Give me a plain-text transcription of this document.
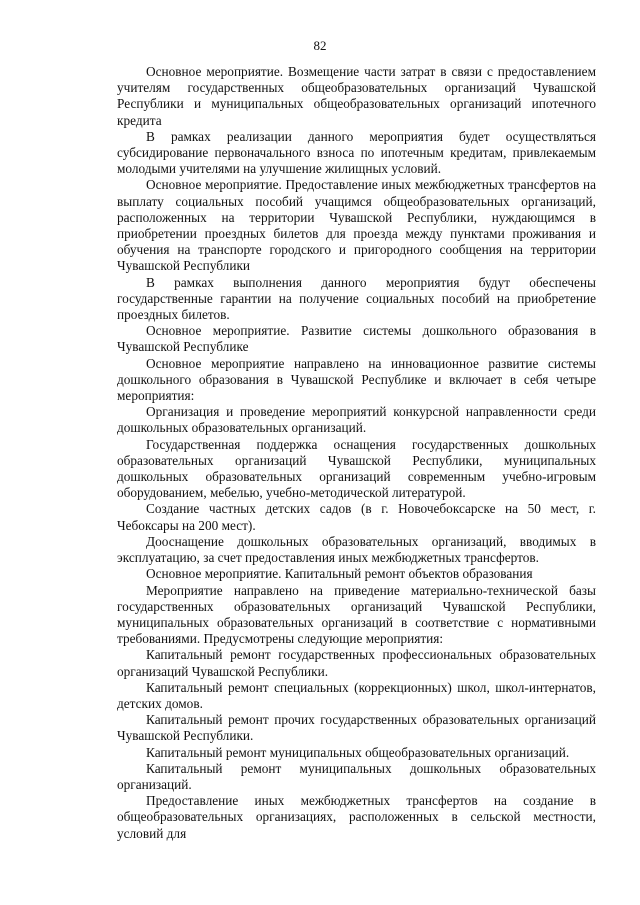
82

Основное мероприятие. Возмещение части затрат в связи с предоставлением учителям государственных общеобразовательных организаций Чувашской Республики и муниципальных общеобразовательных организаций ипотечного кредита

В рамках реализации данного мероприятия будет осуществляться субсидирование первоначального взноса по ипотечным кредитам, привлекаемым молодыми учителями на улучшение жилищных условий.

Основное мероприятие. Предоставление иных межбюджетных трансфертов на выплату социальных пособий учащимся общеобразовательных организаций, расположенных на территории Чувашской Республики, нуждающимся в приобретении проездных билетов для проезда между пунктами проживания и обучения на транспорте городского и пригородного сообщения на территории Чувашской Республики

В рамках выполнения данного мероприятия будут обеспечены государственные гарантии на получение социальных пособий на приобретение проездных билетов.

Основное мероприятие. Развитие системы дошкольного образования в Чувашской Республике

Основное мероприятие направлено на инновационное развитие системы дошкольного образования в Чувашской Республике и включает в себя четыре мероприятия:

Организация и проведение мероприятий конкурсной направленности среди дошкольных образовательных организаций.

Государственная поддержка оснащения государственных дошкольных образовательных организаций Чувашской Республики, муниципальных дошкольных образовательных организаций современным учебно-игровым оборудованием, мебелью, учебно-методической литературой.

Создание частных детских садов (в г. Новочебоксарске на 50 мест, г. Чебоксары на 200 мест).

Дооснащение дошкольных образовательных организаций, вводимых в эксплуатацию, за счет предоставления иных межбюджетных трансфертов.

Основное мероприятие. Капитальный ремонт объектов образования

Мероприятие направлено на приведение материально-технической базы государственных образовательных организаций Чувашской Республики, муниципальных образовательных организаций в соответствие с нормативными требованиями. Предусмотрены следующие мероприятия:

Капитальный ремонт государственных профессиональных образовательных организаций Чувашской Республики.

Капитальный ремонт специальных (коррекционных) школ, школ-интернатов, детских домов.

Капитальный ремонт прочих государственных образовательных организаций Чувашской Республики.

Капитальный ремонт муниципальных общеобразовательных организаций.

Капитальный ремонт муниципальных дошкольных образовательных организаций.

Предоставление иных межбюджетных трансфертов на создание в общеобразовательных организациях, расположенных в сельской местности, условий для
